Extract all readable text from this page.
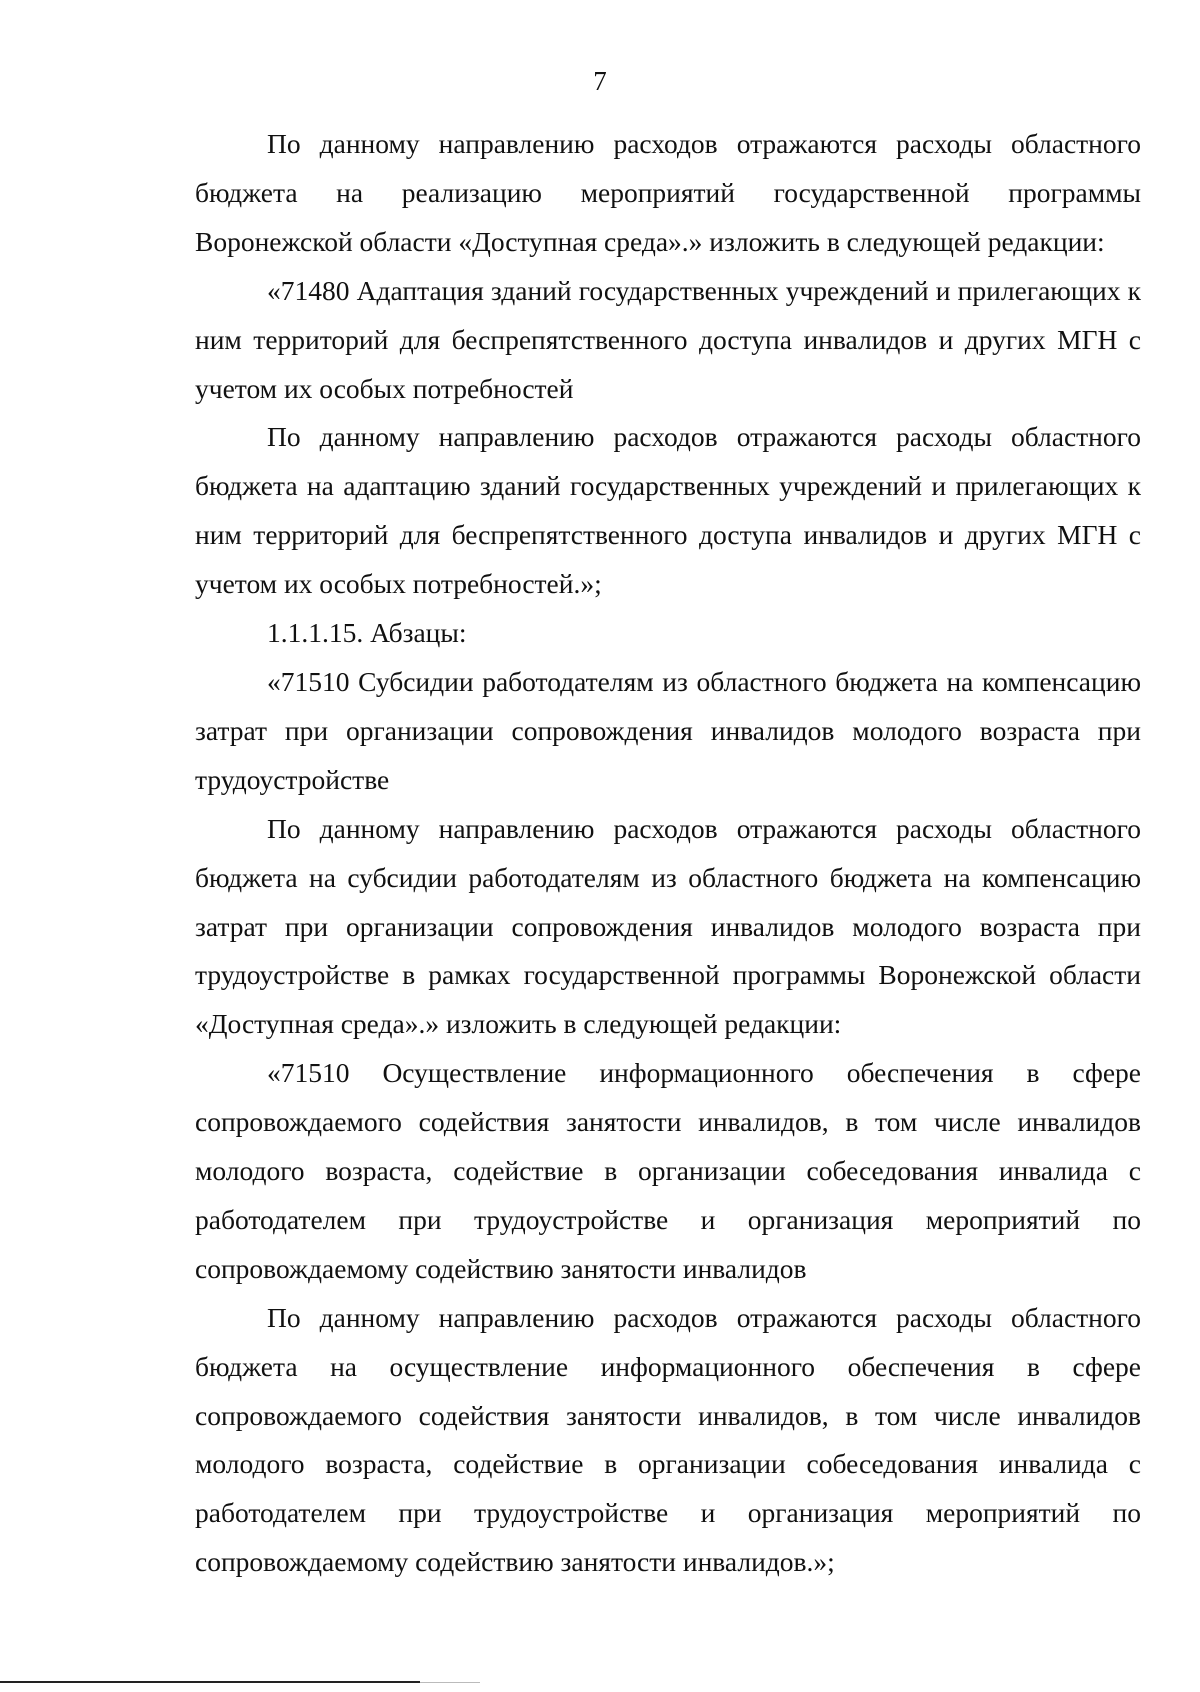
7

По данному направлению расходов отражаются расходы областного бюджета на реализацию мероприятий государственной программы Воронежской области «Доступная среда».» изложить в следующей редакции:

«71480 Адаптация зданий государственных учреждений и прилегающих к ним территорий для беспрепятственного доступа инвалидов и других МГН с учетом их особых потребностей

По данному направлению расходов отражаются расходы областного бюджета на адаптацию зданий государственных учреждений и прилегающих к ним территорий для беспрепятственного доступа инвалидов и других МГН с учетом их особых потребностей.»;

1.1.1.15. Абзацы:

«71510 Субсидии работодателям из областного бюджета на компенсацию затрат при организации сопровождения инвалидов молодого возраста при трудоустройстве

По данному направлению расходов отражаются расходы областного бюджета на субсидии работодателям из областного бюджета на компенсацию затрат при организации сопровождения инвалидов молодого возраста при трудоустройстве в рамках государственной программы Воронежской области «Доступная среда».» изложить в следующей редакции:

«71510 Осуществление информационного обеспечения в сфере сопровождаемого содействия занятости инвалидов, в том числе инвалидов молодого возраста, содействие в организации собеседования инвалида с работодателем при трудоустройстве и организация мероприятий по сопровождаемому содействию занятости инвалидов

По данному направлению расходов отражаются расходы областного бюджета на осуществление информационного обеспечения в сфере сопровождаемого содействия занятости инвалидов, в том числе инвалидов молодого возраста, содействие в организации собеседования инвалида с работодателем при трудоустройстве и организация мероприятий по сопровождаемому содействию занятости инвалидов.»;
